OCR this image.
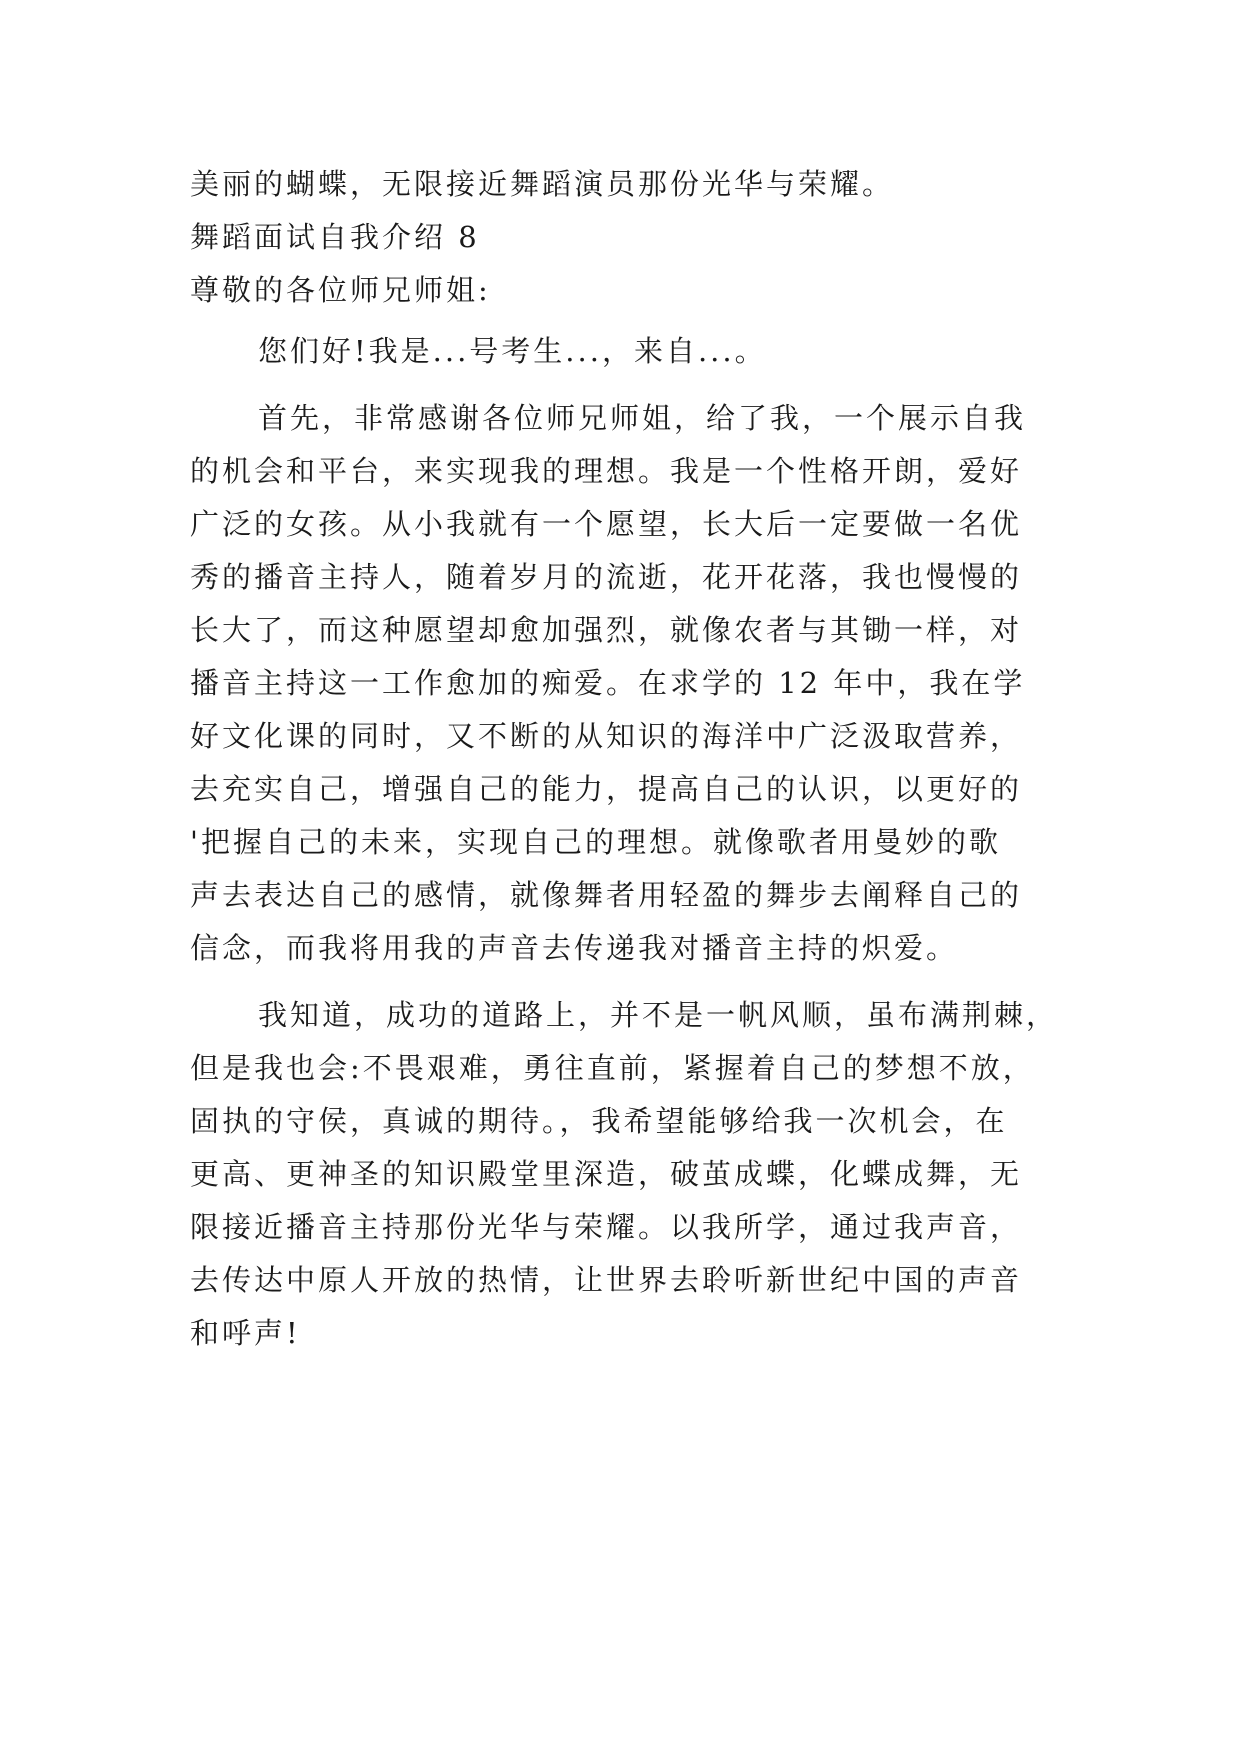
美丽的蝴蝶，无限接近舞蹈演员那份光华与荣耀。
舞蹈面试自我介绍 8
尊敬的各位师兄师姐:
您们好!我是...号考生...，来自...。
首先，非常感谢各位师兄师姐，给了我，一个展示自我
的机会和平台，来实现我的理想。我是一个性格开朗，爱好
广泛的女孩。从小我就有一个愿望，长大后一定要做一名优
秀的播音主持人，随着岁月的流逝，花开花落，我也慢慢的
长大了，而这种愿望却愈加强烈，就像农者与其锄一样，对
播音主持这一工作愈加的痴爱。在求学的 12 年中，我在学
好文化课的同时，又不断的从知识的海洋中广泛汲取营养，
去充实自己，增强自己的能力，提高自己的认识，以更好的
'把握自己的未来，实现自己的理想。就像歌者用曼妙的歌
声去表达自己的感情，就像舞者用轻盈的舞步去阐释自己的
信念，而我将用我的声音去传递我对播音主持的炽爱。
我知道，成功的道路上，并不是一帆风顺，虽布满荆棘，
但是我也会:不畏艰难，勇往直前，紧握着自己的梦想不放，
固执的守侯，真诚的期待。，我希望能够给我一次机会，在
更高、更神圣的知识殿堂里深造，破茧成蝶，化蝶成舞，无
限接近播音主持那份光华与荣耀。以我所学，通过我声音，
去传达中原人开放的热情，让世界去聆听新世纪中国的声音
和呼声!
